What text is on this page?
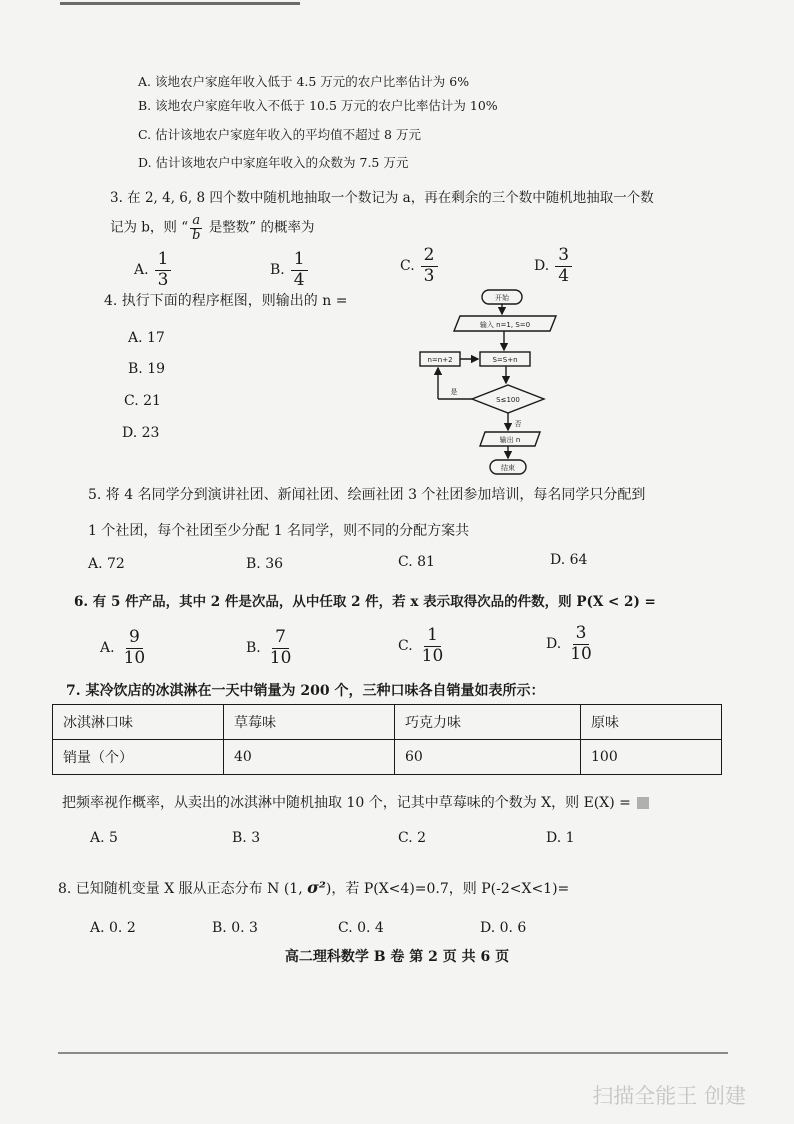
A. 该地农户家庭年收入低于 4.5 万元的农户比率估计为 6%
B. 该地农户家庭年收入不低于 10.5 万元的农户比率估计为 10%
C. 估计该地农户家庭年收入的平均值不超过 8 万元
D. 估计该地农户中家庭年收入的众数为 7.5 万元
3. 在 2, 4, 6, 8 四个数中随机地抽取一个数记为 a，再在剩余的三个数中随机地抽取一个数
记为 b，则 “ $\frac{a}{b}$ 是整数” 的概率为
A. $\frac{1}{3}$	B. $\frac{1}{4}$	C. $\frac{2}{3}$	D. $\frac{3}{4}$
4. 执行下面的程序框图，则输出的 n =
A. 17
B. 19
C. 21
D. 23
开始
输入 n=1, S=0
S=S+n
n=n+2
S≤100
是
否
输出 n
结束
5. 将 4 名同学分到演讲社团、新闻社团、绘画社团 3 个社团参加培训，每名同学只分配到
1 个社团，每个社团至少分配 1 名同学，则不同的分配方案共
A. 72	B. 36	C. 81	D. 64
6. 有 5 件产品，其中 2 件是次品，从中任取 2 件，若 x 表示取得次品的件数，则 P(X < 2) =
A. $\frac{9}{10}$	B. $\frac{7}{10}$	C. $\frac{1}{10}$	D. $\frac{3}{10}$
7. 某冷饮店的冰淇淋在一天中销量为 200 个，三种口味各自销量如表所示：
冰淇淋口味	草莓味	巧克力味	原味
销量（个）	40	60	100
把频率视作概率，从卖出的冰淇淋中随机抽取 10 个，记其中草莓味的个数为 X，则 E(X) =
A. 5	B. 3	C. 2	D. 1
8. 已知随机变量 X 服从正态分布 N (1, σ²)，若 P(X<4)=0.7，则 P(-2<X<1)=
A. 0. 2	B. 0. 3	C. 0. 4	D. 0. 6
高二理科数学 B 卷 第 2 页 共 6 页
扫描全能王 创建
